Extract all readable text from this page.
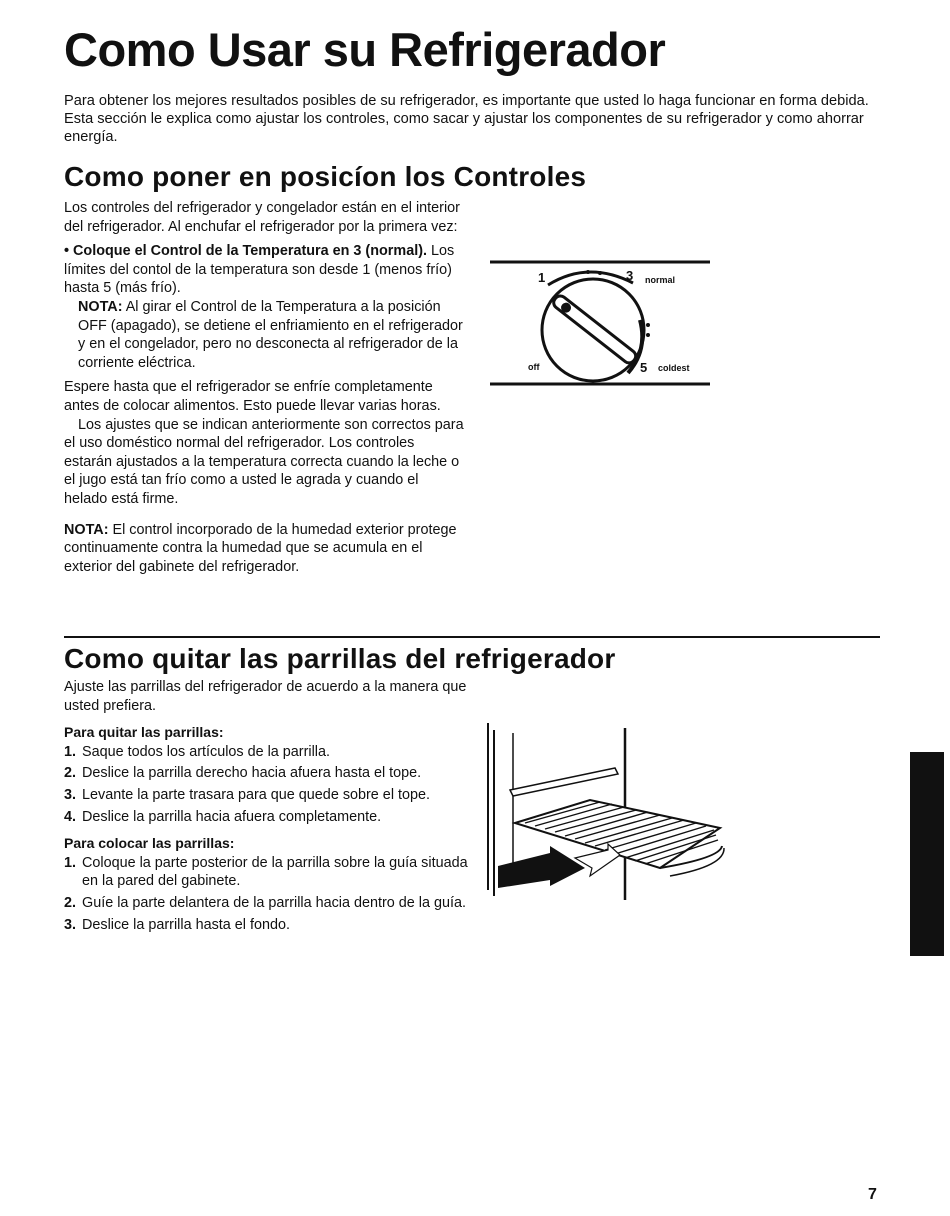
Como Usar su Refrigerador

Para obtener los mejores resultados posibles de su refrigerador, es importante que usted lo haga funcionar en forma debida. Esta sección le explica como ajustar los controles, como sacar y ajustar los componentes de su refrigerador y como ahorrar energía.

Como poner en posicíon los Controles

Los controles del refrigerador y congelador están en el interior del refrigerador. Al enchufar el refrigerador por la primera vez:

• Coloque el Control de la Temperatura en 3 (normal). Los límites del contol de la temperatura son desde 1 (menos frío) hasta 5 (más frío).

NOTA: Al girar el Control de la Temperatura a la posición OFF (apagado), se detiene el enfriamiento en el refrigerador y en el congelador, pero no desconecta al refrigerador de la corriente eléctrica.

Espere hasta que el refrigerador se enfríe completamente antes de colocar alimentos. Esto puede llevar varias horas.

Los ajustes que se indican anteriormente son correctos para el uso doméstico normal del refrigerador. Los controles estarán ajustados a la temperatura correcta cuando la leche o el jugo está tan frío como a usted le agrada y cuando el helado está firme.

NOTA: El control incorporado de la humedad exterior protege continuamente contra la humedad que se acumula en el exterior del gabinete del refrigerador.

1	3 normal
off	5 coldest
Como quitar las parrillas del refrigerador

Ajuste las parrillas del refrigerador de acuerdo a la manera que usted prefiera.

Para quitar las parrillas:
1. Saque todos los artículos de la parrilla.
2. Deslice la parrilla derecho hacia afuera hasta el tope.
3. Levante la parte trasara para que quede sobre el tope.
4. Deslice la parrilla hacia afuera completamente.
Para colocar las parrillas:
1. Coloque la parte posterior de la parrilla sobre la guía situada en la pared del gabinete.
2. Guíe la parte delantera de la parrilla hacia dentro de la guía.
3. Deslice la parrilla hasta el fondo.
7
